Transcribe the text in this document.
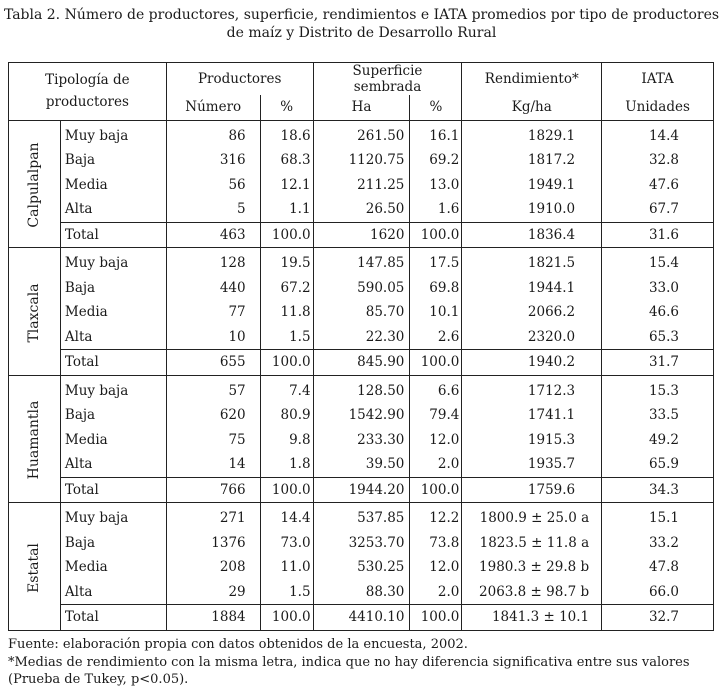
Tabla 2. Número de productores, superficie, rendimientos e IATA promedios por tipo de productores
de maíz y Distrito de Desarrollo Rural
Tipología de productores		Productores		Superficie sembrada		Rendimiento*	IATA
		Número	%	Ha	%	Kg/ha	Unidades

Calpulalpan	Muy baja	86	18.6	261.50	16.1	1829.1	14.4
	Baja	316	68.3	1120.75	69.2	1817.2	32.8
	Media	56	12.1	211.25	13.0	1949.1	47.6
	Alta	5	1.1	26.50	1.6	1910.0	67.7
	Total	463	100.0	1620	100.0	1836.4	31.6

Tlaxcala	Muy baja	128	19.5	147.85	17.5	1821.5	15.4
	Baja	440	67.2	590.05	69.8	1944.1	33.0
	Media	77	11.8	85.70	10.1	2066.2	46.6
	Alta	10	1.5	22.30	2.6	2320.0	65.3
	Total	655	100.0	845.90	100.0	1940.2	31.7

Huamantla	Muy baja	57	7.4	128.50	6.6	1712.3	15.3
	Baja	620	80.9	1542.90	79.4	1741.1	33.5
	Media	75	9.8	233.30	12.0	1915.3	49.2
	Alta	14	1.8	39.50	2.0	1935.7	65.9
	Total	766	100.0	1944.20	100.0	1759.6	34.3

Estatal	Muy baja	271	14.4	537.85	12.2	1800.9 ± 25.0 a	15.1
	Baja	1376	73.0	3253.70	73.8	1823.5 ± 11.8 a	33.2
	Media	208	11.0	530.25	12.0	1980.3 ± 29.8 b	47.8
	Alta	29	1.5	88.30	2.0	2063.8 ± 98.7 b	66.0
	Total	1884	100.0	4410.10	100.0	1841.3 ± 10.1	32.7
Fuente: elaboración propia con datos obtenidos de la encuesta, 2002.
*Medias de rendimiento con la misma letra, indica que no hay diferencia significativa entre sus valores
(Prueba de Tukey, p<0.05).
